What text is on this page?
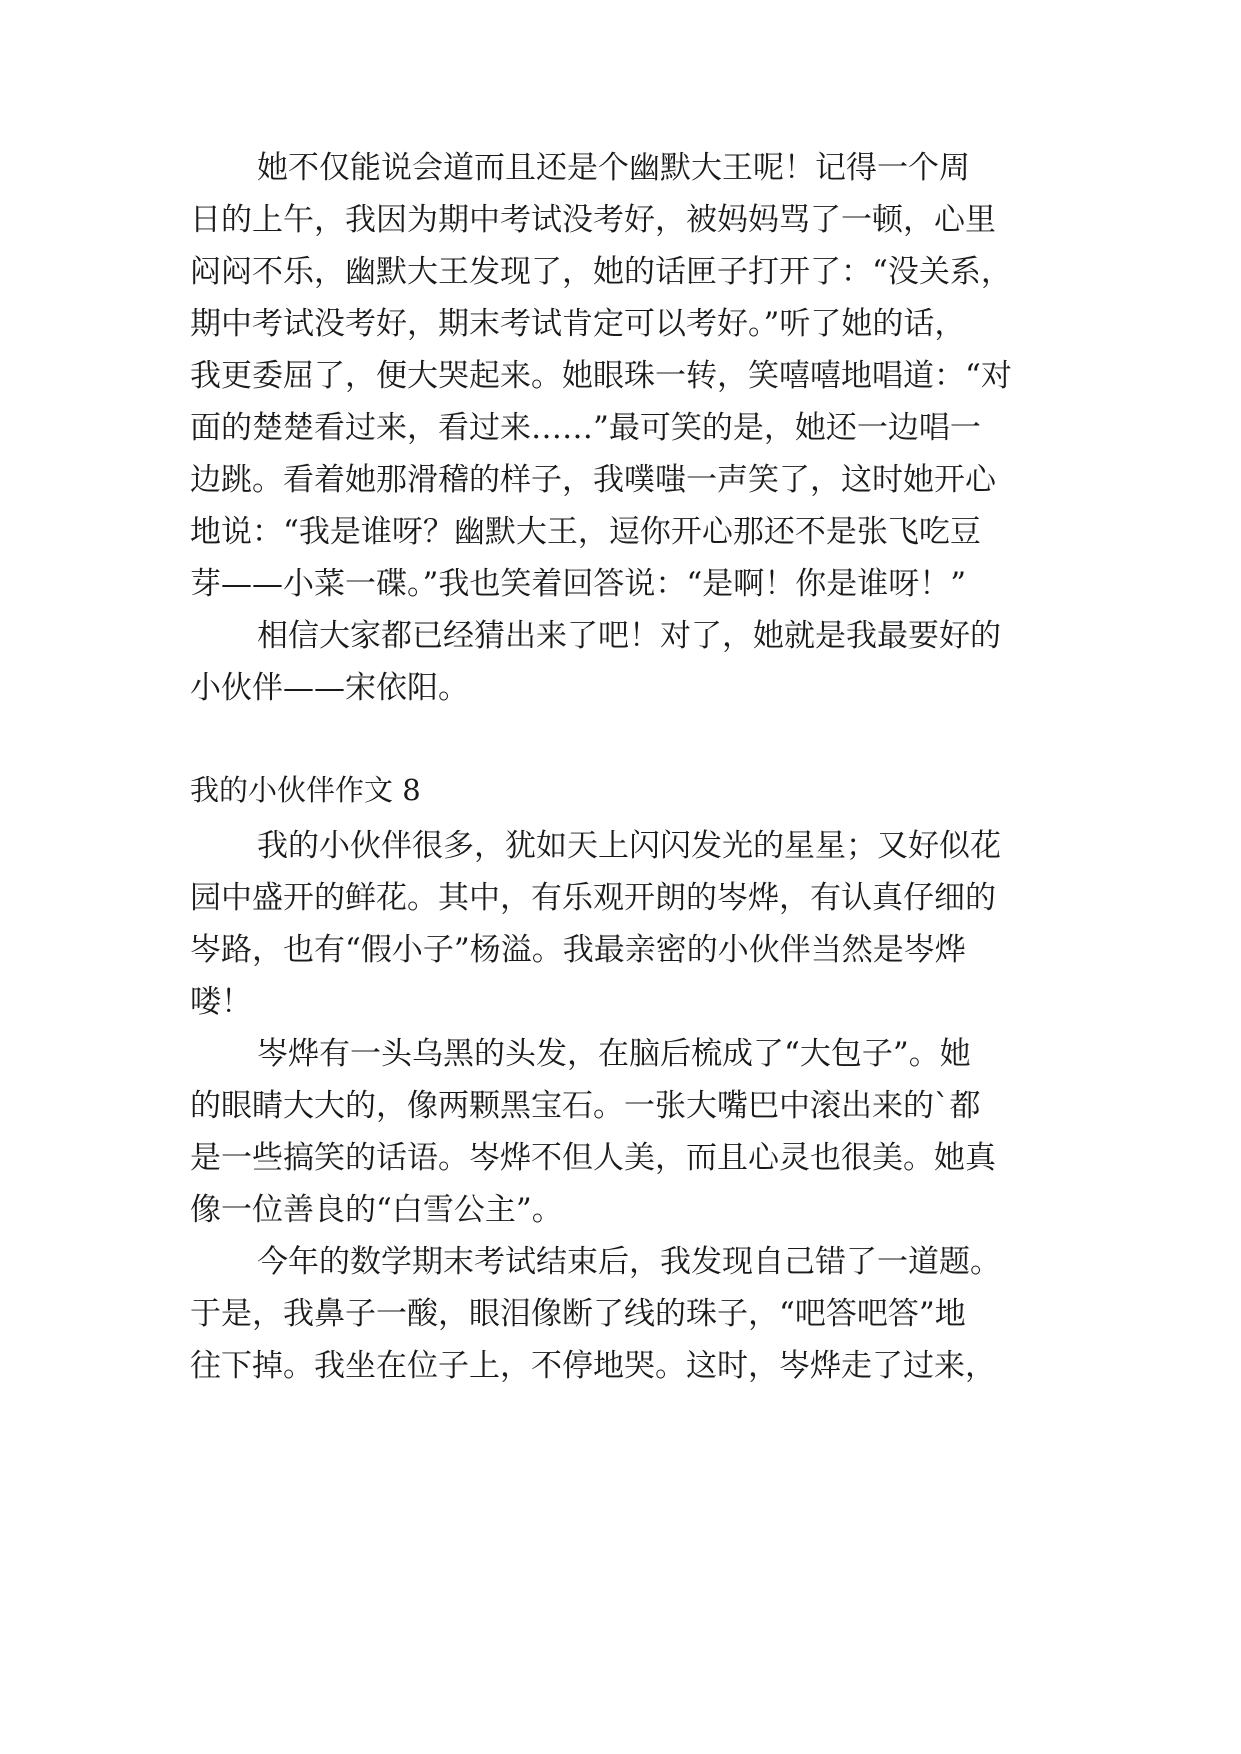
她不仅能说会道而且还是个幽默大王呢！记得一个周
日的上午，我因为期中考试没考好，被妈妈骂了一顿，心里
闷闷不乐，幽默大王发现了，她的话匣子打开了：“没关系，
期中考试没考好，期末考试肯定可以考好。”听了她的话，
我更委屈了，便大哭起来。她眼珠一转，笑嘻嘻地唱道：“对
面的楚楚看过来，看过来……”最可笑的是，她还一边唱一
边跳。看着她那滑稽的样子，我噗嗤一声笑了，这时她开心
地说：“我是谁呀？幽默大王，逗你开心那还不是张飞吃豆
芽——小菜一碟。”我也笑着回答说：“是啊！你是谁呀！”
相信大家都已经猜出来了吧！对了，她就是我最要好的
小伙伴——宋依阳。
我的小伙伴作文 8
我的小伙伴很多，犹如天上闪闪发光的星星；又好似花
园中盛开的鲜花。其中，有乐观开朗的岑烨，有认真仔细的
岑路，也有“假小子”杨溢。我最亲密的小伙伴当然是岑烨
喽！
岑烨有一头乌黑的头发，在脑后梳成了“大包子”。她
的眼睛大大的，像两颗黑宝石。一张大嘴巴中滚出来的`都
是一些搞笑的话语。岑烨不但人美，而且心灵也很美。她真
像一位善良的“白雪公主”。
今年的数学期末考试结束后，我发现自己错了一道题。
于是，我鼻子一酸，眼泪像断了线的珠子，“吧答吧答”地
往下掉。我坐在位子上，不停地哭。这时，岑烨走了过来，
